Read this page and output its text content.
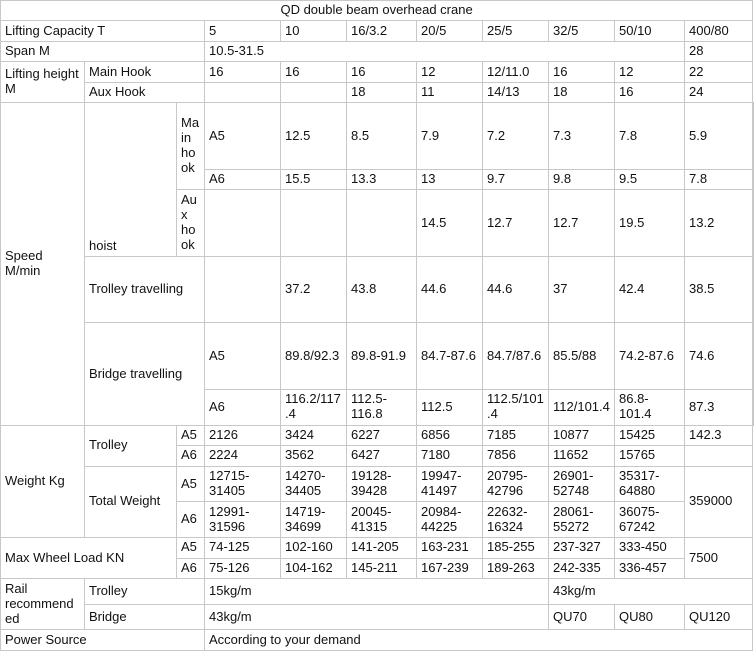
QD double beam overhead crane											
Lifting Capacity T			5	10	16/3.2	20/5	25/5	32/5	50/10	400/80	
Span M			10.5-31.5							28	
Lifting height M	Main Hook		16	16	16	12	12/11.0	16	12	22	
	Aux Hook				18	11	14/13	18	16	24	
Speed M/min	hoist	Main hook	A5	12.5	8.5	7.9	7.2	7.3	7.8	5.9	
			A6	15.5	13.3	13	9.7	9.8	9.5	7.8	
		Aux hook				14.5	12.7	12.7	19.5	13.2	

	Trolley travelling			37.2	43.8	44.6	44.6	37	42.4	38.5	
	Bridge travelling		A5	89.8/92.3	89.8-91.9	84.7-87.6	84.7/87.6	85.5/88	74.2-87.6	74.6	
			A6	116.2/117.4	112.5-116.8	112.5	112.5/101.4	112/101.4	86.8-101.4	87.3	
Weight Kg	Trolley	A5	2126	3424	6227	6856	7185	10877	15425	142.3	
		A6	2224	3562	6427	7180	7856	11652	15765		
	Total Weight	A5	12715-31405	14270-34405	19128-39428	19947-41497	20795-42796	26901-52748	35317-64880	359000	

		A6	12991-31596	14719-34699	20045-41315	20984-44225	22632-16324	28061-55272	36075-67242		

Max Wheel Load KN		A5	74-125	102-160	141-205	163-231	185-255	237-327	333-450	7500	
		A6	75-126	104-162	145-211	167-239	189-263	242-335	336-457		
Rail recommended	Trolley		15kg/m					43kg/m			
	Bridge		43kg/m					QU70	QU80	QU120	
Power Source			According to your demand								
